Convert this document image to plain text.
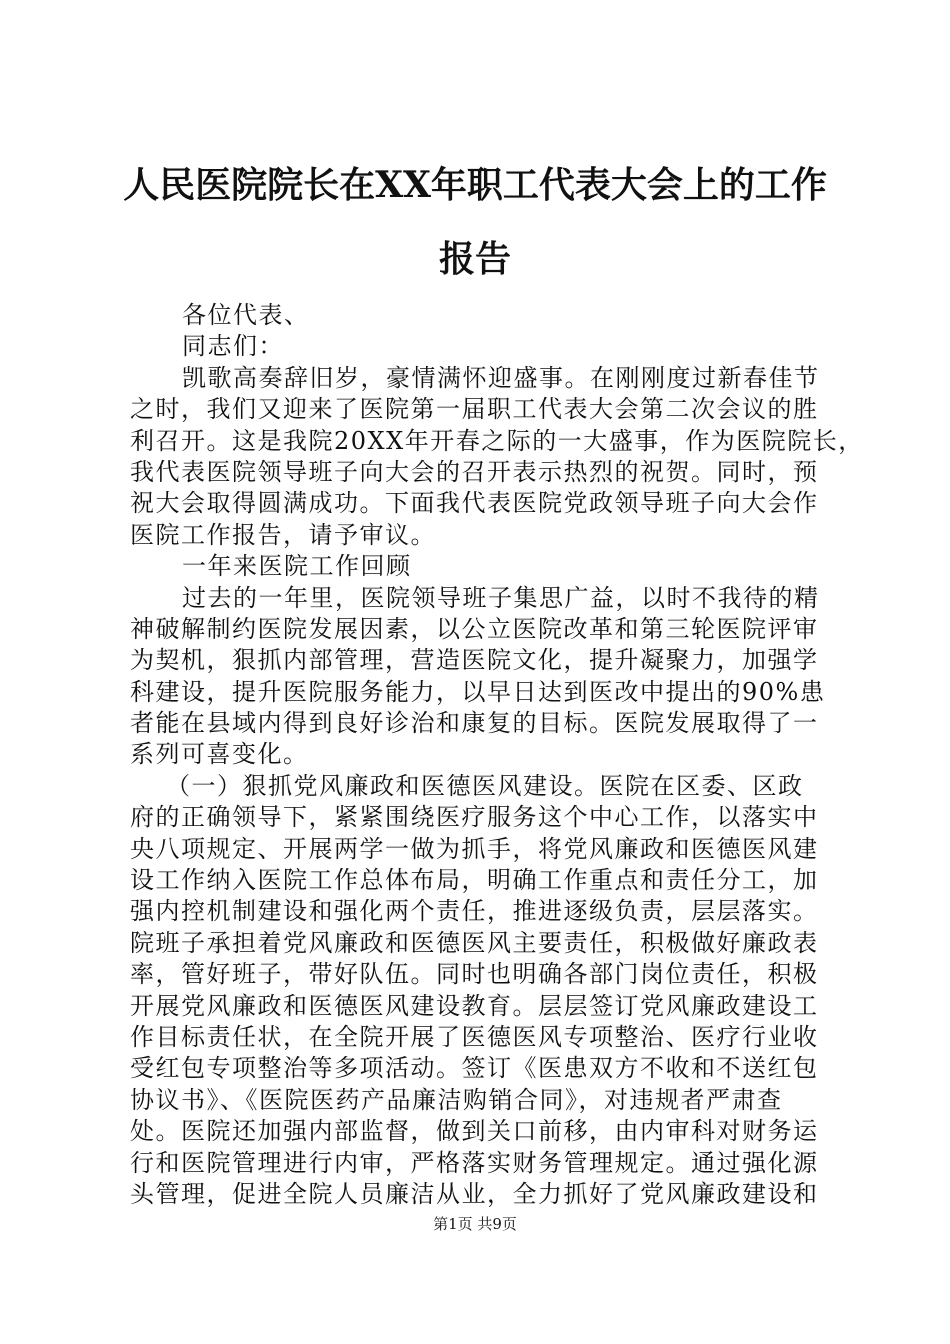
人民医院院长在XX年职工代表大会上的工作
报告
各位代表、
同志们：
凯歌高奏辞旧岁，豪情满怀迎盛事。在刚刚度过新春佳节
之时，我们又迎来了医院第一届职工代表大会第二次会议的胜
利召开。这是我院20XX年开春之际的一大盛事，作为医院院长，
我代表医院领导班子向大会的召开表示热烈的祝贺。同时，预
祝大会取得圆满成功。下面我代表医院党政领导班子向大会作
医院工作报告，请予审议。
一年来医院工作回顾
过去的一年里，医院领导班子集思广益，以时不我待的精
神破解制约医院发展因素，以公立医院改革和第三轮医院评审
为契机，狠抓内部管理，营造医院文化，提升凝聚力，加强学
科建设，提升医院服务能力，以早日达到医改中提出的90%患
者能在县域内得到良好诊治和康复的目标。医院发展取得了一
系列可喜变化。
（一）狠抓党风廉政和医德医风建设。医院在区委、区政
府的正确领导下，紧紧围绕医疗服务这个中心工作，以落实中
央八项规定、开展两学一做为抓手，将党风廉政和医德医风建
设工作纳入医院工作总体布局，明确工作重点和责任分工，加
强内控机制建设和强化两个责任，推进逐级负责，层层落实。
院班子承担着党风廉政和医德医风主要责任，积极做好廉政表
率，管好班子，带好队伍。同时也明确各部门岗位责任，积极
开展党风廉政和医德医风建设教育。层层签订党风廉政建设工
作目标责任状，在全院开展了医德医风专项整治、医疗行业收
受红包专项整治等多项活动。签订《医患双方不收和不送红包
协议书》、《医院医药产品廉洁购销合同》，对违规者严肃查
处。医院还加强内部监督，做到关口前移，由内审科对财务运
行和医院管理进行内审，严格落实财务管理规定。通过强化源
头管理，促进全院人员廉洁从业，全力抓好了党风廉政建设和
第1页 共9页
